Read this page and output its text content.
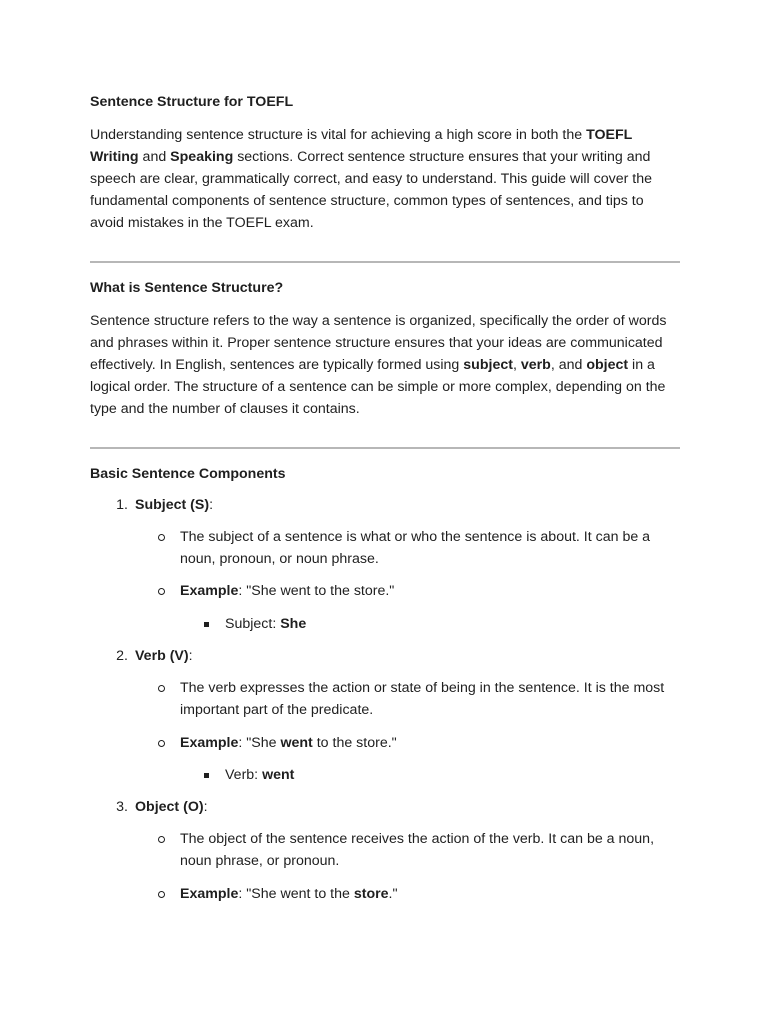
Sentence Structure for TOEFL

Understanding sentence structure is vital for achieving a high score in both the TOEFL Writing and Speaking sections. Correct sentence structure ensures that your writing and speech are clear, grammatically correct, and easy to understand. This guide will cover the fundamental components of sentence structure, common types of sentences, and tips to avoid mistakes in the TOEFL exam.

What is Sentence Structure?

Sentence structure refers to the way a sentence is organized, specifically the order of words and phrases within it. Proper sentence structure ensures that your ideas are communicated effectively. In English, sentences are typically formed using subject, verb, and object in a logical order. The structure of a sentence can be simple or more complex, depending on the type and the number of clauses it contains.

Basic Sentence Components
1. Subject (S):
The subject of a sentence is what or who the sentence is about. It can be a noun, pronoun, or noun phrase.
Example: "She went to the store."
Subject: She
2. Verb (V):
The verb expresses the action or state of being in the sentence. It is the most important part of the predicate.
Example: "She went to the store."
Verb: went
3. Object (O):
The object of the sentence receives the action of the verb. It can be a noun, noun phrase, or pronoun.
Example: "She went to the store."
